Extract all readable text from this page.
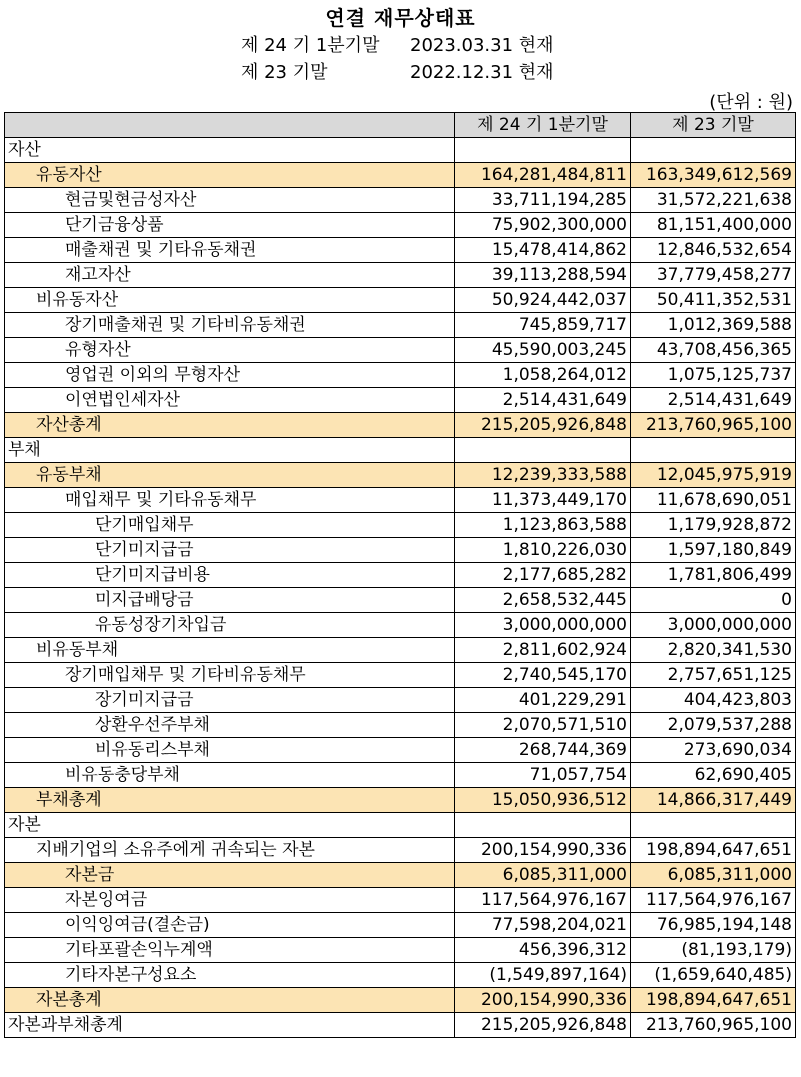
연결 재무상태표
제 24 기 1분기말 2023.03.31 현재
제 23 기말	2022.12.31 현재
(단위 : 원)
	제 24 기 1분기말	제 23 기말
자산		
유동자산	164,281,484,811	163,349,612,569
현금및현금성자산	33,711,194,285	31,572,221,638
단기금융상품	75,902,300,000	81,151,400,000
매출채권 및 기타유동채권	15,478,414,862	12,846,532,654
재고자산	39,113,288,594	37,779,458,277
비유동자산	50,924,442,037	50,411,352,531
장기매출채권 및 기타비유동채권	745,859,717	1,012,369,588
유형자산	45,590,003,245	43,708,456,365
영업권 이외의 무형자산	1,058,264,012	1,075,125,737
이연법인세자산	2,514,431,649	2,514,431,649
자산총계	215,205,926,848	213,760,965,100
부채		
유동부채	12,239,333,588	12,045,975,919
매입채무 및 기타유동채무	11,373,449,170	11,678,690,051
단기매입채무	1,123,863,588	1,179,928,872
단기미지급금	1,810,226,030	1,597,180,849
단기미지급비용	2,177,685,282	1,781,806,499
미지급배당금	2,658,532,445	0
유동성장기차입금	3,000,000,000	3,000,000,000
비유동부채	2,811,602,924	2,820,341,530
장기매입채무 및 기타비유동채무	2,740,545,170	2,757,651,125
장기미지급금	401,229,291	404,423,803
상환우선주부채	2,070,571,510	2,079,537,288
비유동리스부채	268,744,369	273,690,034
비유동충당부채	71,057,754	62,690,405
부채총계	15,050,936,512	14,866,317,449
자본		
지배기업의 소유주에게 귀속되는 자본	200,154,990,336	198,894,647,651
자본금	6,085,311,000	6,085,311,000
자본잉여금	117,564,976,167	117,564,976,167
이익잉여금(결손금)	77,598,204,021	76,985,194,148
기타포괄손익누계액	456,396,312	(81,193,179)
기타자본구성요소	(1,549,897,164)	(1,659,640,485)
자본총계	200,154,990,336	198,894,647,651
자본과부채총계	215,205,926,848	213,760,965,100
